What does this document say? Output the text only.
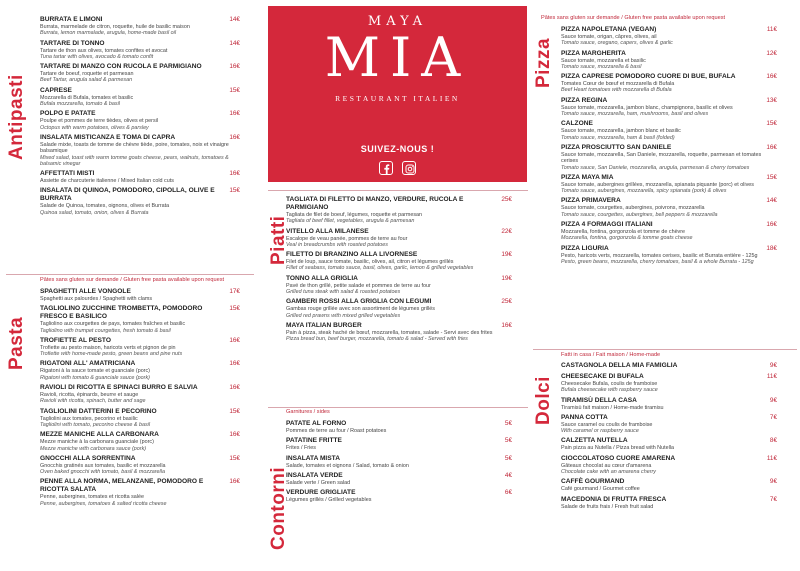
Antipasti
BURRATA E LIMONI	14€
Burrata, marmelade de citron, roquette, huile de basilic maison
Burrata, lemon marmalade, arugula, home-made basil oil
TARTARE DI TONNO	14€
Tartare de thon aux olives, tomates confites et avocat
Tuna tartar with olives, avocado & tomato confit
TARTARE DI MANZO CON RUCOLA E PARMIGIANO	16€
Tartare de boeuf, roquette et parmesan
Beef Tartar, arugula salad & parmesan
CAPRESE	15€
Mozzarella di Bufala, tomates et basilic
Bufala mozzarella, tomato & basil
POLPO E PATATE	16€
Poulpe et pommes de terre tièdes, olives et persil
Octopus with warm potatoes, olives & parsley
INSALATA MISTICANZA E TOMA DI CAPRA	16€
Salade mixte, toasts de tomme de chèvre tiède, poire, tomates, noix et vinaigre balsamique
Mixed salad, toast with warm tomme goats cheese, pears, walnuts, tomatoes & balsamic vinegar
AFFETTATI MISTI	16€
Assiette de charcuterie italienne / Mixed Italian cold cuts
INSALATA DI QUINOA, POMODORO, CIPOLLA, OLIVE E BURRATA
15€
Salade de Quinoa, tomates, oignons, olives et Burrata
Quinoa salad, tomato, onion, olives & Burrata
Pâtes sans gluten sur demande / Gluten free pasta available upon request
Pasta
SPAGHETTI ALLE VONGOLE	17€
Spaghetti aux palourdes / Spaghetti with clams
TAGLIOLINO ZUCCHINE TROMBETTA, POMODORO FRESCO E BASILICO
15€
Tagliolino aux courgettes de pays, tomates fraîches et basilic
Tagliolino with trumpet courgettes, fresh tomato & basil
TROFIETTE AL PESTO	16€
Trofiette au pesto maison, haricots verts et pignon de pin
Trofiette with home-made pesto, green beans and pine nuts
RIGATONI ALL' AMATRICIANA	16€
Rigatoni à la sauce tomate et guanciale (porc)
Rigatoni with tomato & guanciale sauce (pork)
RAVIOLI DI RICOTTA E SPINACI BURRO E SALVIA	16€
Ravioli, ricotta, épinards, beurre et sauge
Ravioli with ricotta, spinach, butter and sage
TAGLIOLINI DATTERINI E PECORINO	15€
Tagliolini aux tomates, pecorino et basilic
Tagliolini with tomato, pecorino cheese & basil
MEZZE MANICHE ALLA CARBONARA	16€
Mezze maniche à la carbonara guanciale (porc)
Mezze maniche with carbonara sauce (pork)
GNOCCHI ALLA SORRENTINA	15€
Gnocchis gratinés aux tomates, basilic et mozzarella
Oven baked gnocchi with tomato, basil & mozzarella
PENNE ALLA NORMA, MELANZANE, POMODORO E RICOTTA SALATA
16€
Penne, aubergines, tomates et ricotta salée
Penne, aubergines, tomatoes & salted ricotta cheese
MAYA
MIA
RESTAURANT ITALIEN
SUIVEZ-NOUS !

Piatti
TAGLIATA DI FILETTO DI MANZO, VERDURE, RUCOLA E PARMIGIANO
25€
Tagliata de filet de boeuf, légumes, roquette et parmesan
Tagliata of beef fillet, vegetables, arugula & parmesan
VITELLO ALLA MILANESE	22€
Escalope de veau panée, pommes de terre au four
Veal in breadcrumbs with roasted potatoes
FILETTO DI BRANZINO ALLA LIVORNESE	19€
Filet de loup, sauce tomate, basilic, olives, ail, citron et légumes grillés
Fillet of seabass, tomato sauce, basil, olives, garlic, lemon & grilled vegetables
TONNO ALLA GRIGLIA	19€
Pavé de thon grillé, petite salade et pommes de terre au four
Grilled tuna steak with salad & roasted potatoes
GAMBERI ROSSI ALLA GRIGLIA CON LEGUMI	25€
Gambas rouge grillée avec son assortiment de légumes grillés
Grilled red prawns with mixed grilled vegetables
MAYA ITALIAN BURGER	16€
Pain à pizza, steak haché de bœuf, mozzarella, tomates, salade - Servi avec des frites
Pizza bread bun, beef burger, mozzarella, tomato & salad - Served with fries
Garnitures / sides
Contorni
PATATE AL FORNO	5€
Pommes de terre au four / Roast potatoes
PATATINE FRITTE	5€
Frites / Fries
INSALATA MISTA	5€
Salade, tomates et oignons / Salad, tomato & onion
INSALATA VERDE	4€
Salade verte / Green salad
VERDURE GRIGLIATE	6€
Légumes grillés / Grilled vegetables
Pâtes sans gluten sur demande / Gluten free pasta available upon request
Pizza
PIZZA NAPOLETANA (VEGAN)	11€
Sauce tomate, origan, câpres, olives, ail
Tomato sauce, oregano, capers, olives & garlic
PIZZA MARGHERITA	12€
Sauce tomate, mozzarella et basilic
Tomato sauce, mozzarella & basil
PIZZA CAPRESE POMODORO CUORE DI BUE, BUFALA	16€
Tomates Cœur de bœuf et mozzarella di Bufala
Beef Heart tomatoes with mozzarella di Bufala
PIZZA REGINA	13€
Sauce tomate, mozzarella, jambon blanc, champignons, basilic et olives
Tomato sauce, mozzarella, ham, mushrooms, basil and olives
CALZONE	15€
Sauce tomate, mozzarella, jambon blanc et basilic
Tomato sauce, mozzarella, ham & basil (folded)
PIZZA PROSCIUTTO SAN DANIELE	16€
Sauce tomate, mozzarella, San Daniele, mozzarella, roquette, parmesan et tomates cerises
Tomato sauce, San Daniele, mozzarella, arugula, parmesan & cherry tomatoes
PIZZA MAYA MIA	15€
Sauce tomate, aubergines grillées, mozzarella, spianata piquante (porc) et olives
Tomato sauce, aubergines, mozzarella, spicy spianata (pork) & olives
PIZZA PRIMAVERA	14€
Sauce tomate, courgettes, aubergines, poivrons, mozzarella
Tomato sauce, courgettes, aubergines, bell peppers & mozzarella
PIZZA 4 FORMAGGI ITALIANI	16€
Mozzarella, fontina, gorgonzola et tomme de chèvre
Mozzarella, fontina, gorgonzola & tomme goats cheese
PIZZA LIGURIA	18€
Pesto, haricots verts, mozzarella, tomates cerises, basilic et Burrata entière - 125g
Pesto, green beans, mozzarella, cherry tomatoes, basil & a whole Burrata - 125g
Fatti in casa / Fait maison / Home-made
Dolci
CASTAGNOLA DELLA MIA FAMIGLIA	9€
CHEESECAKE DI BUFALA	11€
Cheesecake Bufala, coulis de framboise
Bufala cheesecake with raspberry sauce
TIRAMISÙ DELLA CASA	9€
Tiramisù fait maison / Home-made tiramisu
PANNA COTTA	7€
Sauce caramel ou coulis de framboise
With caramel or raspberry sauce
CALZETTA NUTELLA	8€
Pain pizza au Nutella / Pizza bread with Nutella
CIOCCOLATOSO CUORE AMARENA	11€
Gâteaux chocolat au cœur d'amarena
Chocolate cake with an amarena cherry
CAFFÈ GOURMAND	9€
Café gourmand / Gourmet coffee
MACEDONIA DI FRUTTA FRESCA	7€
Salade de fruits frais / Fresh fruit salad
